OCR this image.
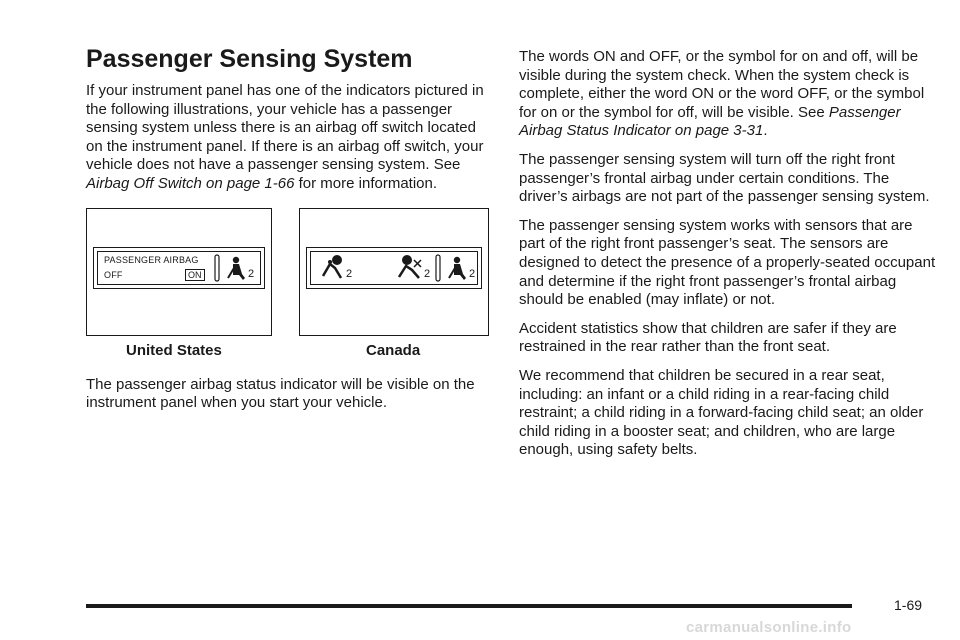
Passenger Sensing System

If your instrument panel has one of the indicators pictured in the following illustrations, your vehicle has a passenger sensing system unless there is an airbag off switch located on the instrument panel. If there is an airbag off switch, your vehicle does not have a passenger sensing system. See Airbag Off Switch on page 1-66 for more information.

PASSENGER AIRBAG
OFF	ON	2	2	2	2
United States	Canada

The passenger airbag status indicator will be visible on the instrument panel when you start your vehicle.

The words ON and OFF, or the symbol for on and off, will be visible during the system check. When the system check is complete, either the word ON or the word OFF, or the symbol for on or the symbol for off, will be visible. See Passenger Airbag Status Indicator on page 3-31.

The passenger sensing system will turn off the right front passenger’s frontal airbag under certain conditions. The driver’s airbags are not part of the passenger sensing system.

The passenger sensing system works with sensors that are part of the right front passenger’s seat. The sensors are designed to detect the presence of a properly-seated occupant and determine if the right front passenger’s frontal airbag should be enabled (may inflate) or not.

Accident statistics show that children are safer if they are restrained in the rear rather than the front seat.

We recommend that children be secured in a rear seat, including: an infant or a child riding in a rear-facing child restraint; a child riding in a forward-facing child seat; an older child riding in a booster seat; and children, who are large enough, using safety belts.

1-69
carmanualsonline.info
